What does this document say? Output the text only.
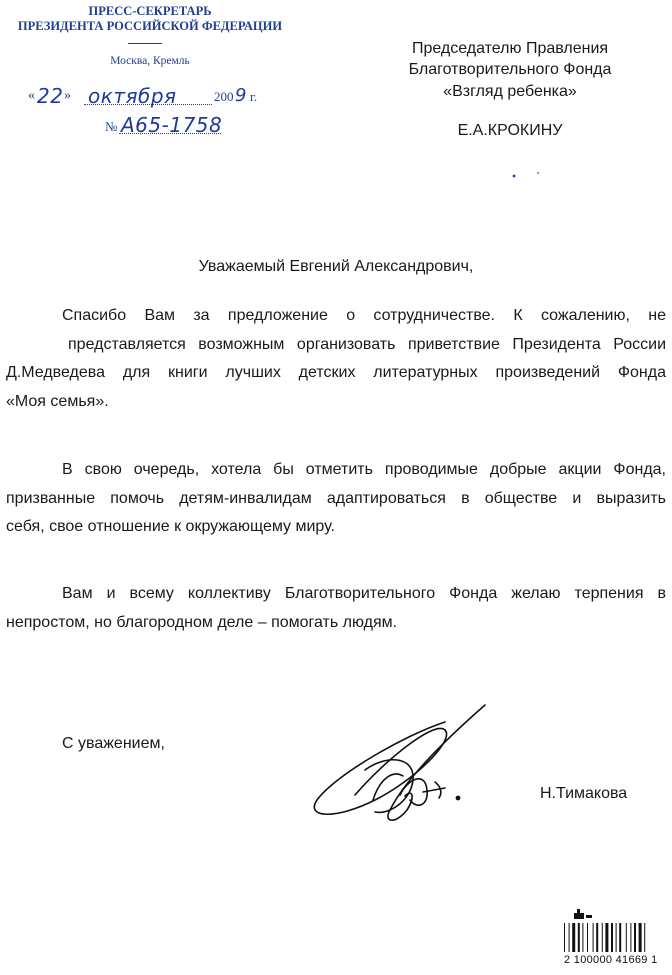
ПРЕСС-СЕКРЕТАРЬ
ПРЕЗИДЕНТА РОССИЙСКОЙ ФЕДЕРАЦИИ
Москва, Кремль
« 22 » октября	200 9 г.
№ А65-1758
Председателю Правления
Благотворительного Фонда
«Взгляд ребенка»
Е.А.КРОКИНУ
Уважаемый Евгений Александрович,
Спасибо Вам за предложение о сотрудничестве. К сожалению, не
представляется возможным организовать приветствие Президента России
Д.Медведева для книги лучших детских литературных произведений Фонда
«Моя семья».
В свою очередь, хотела бы отметить проводимые добрые акции Фонда,
призванные помочь детям-инвалидам адаптироваться в обществе и выразить
себя, свое отношение к окружающему миру.
Вам и всему коллективу Благотворительного Фонда желаю терпения в
непростом, но благородном деле – помогать людям.
С уважением,
Н.Тимакова
2 100000 41669 1
